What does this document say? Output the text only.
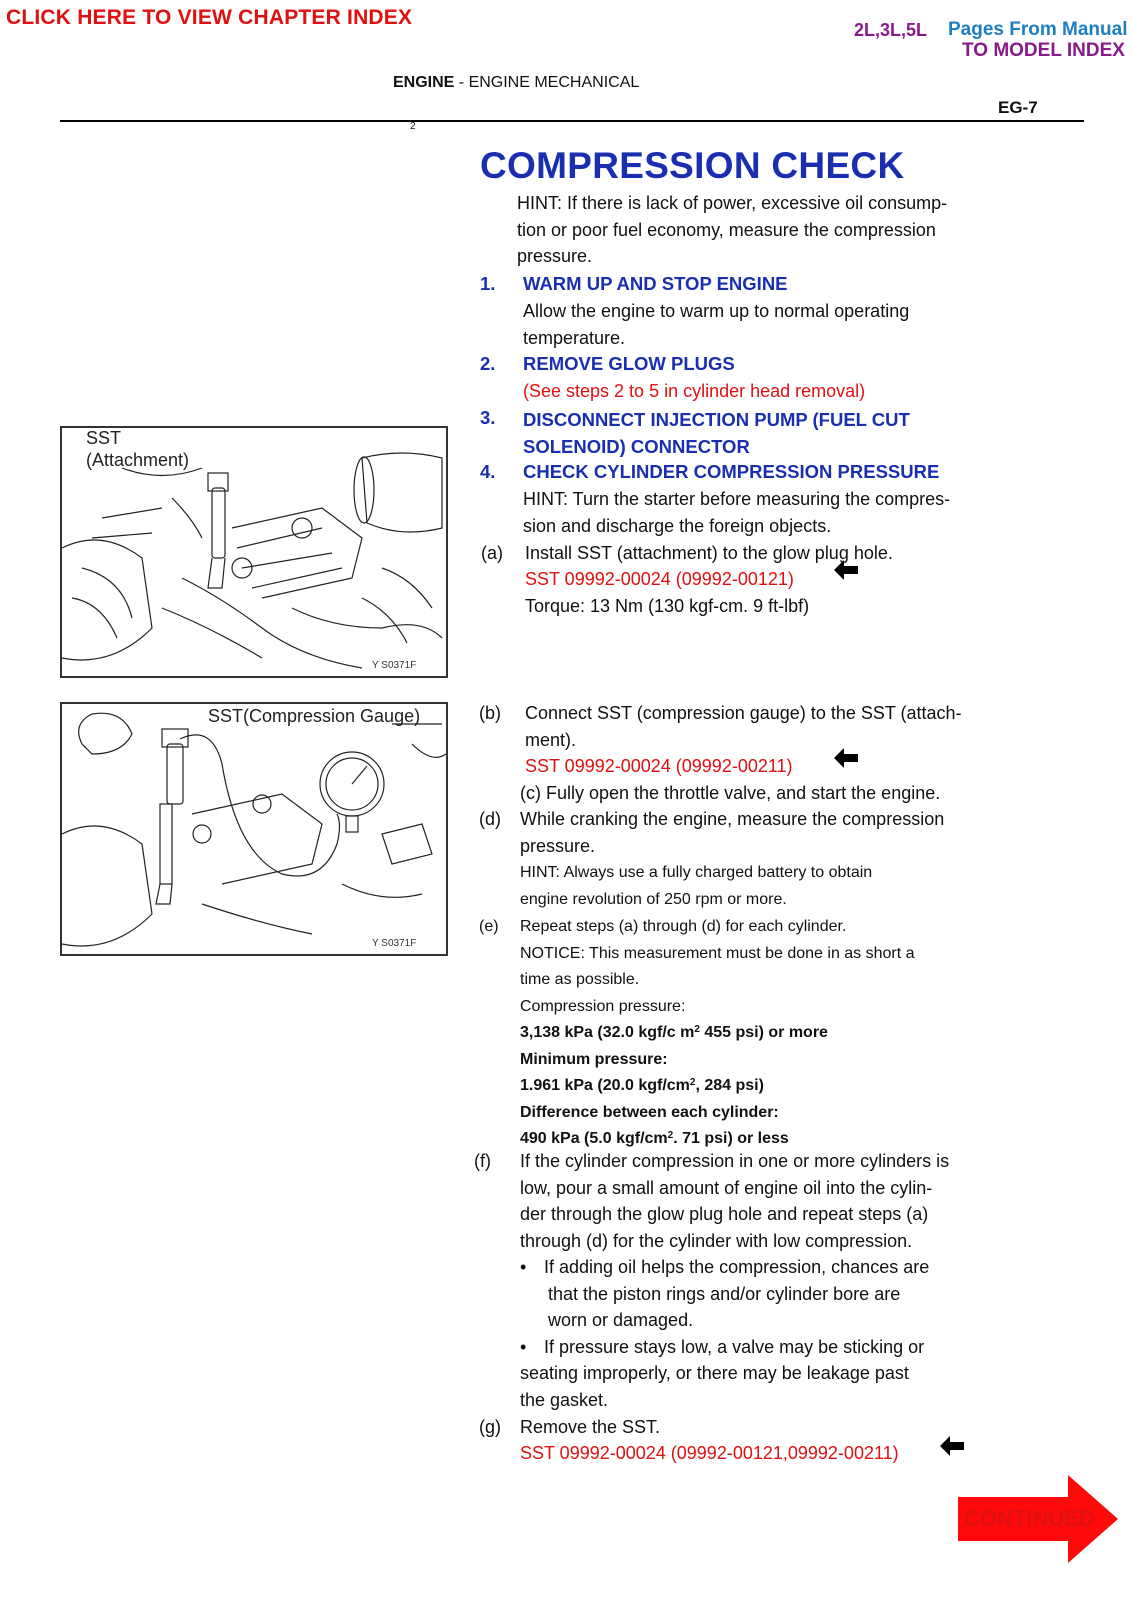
CLICK HERE TO VIEW CHAPTER INDEX
2L,3L,5L Pages From Manual
TO MODEL INDEX
ENGINE - ENGINE MECHANICAL
EG-7
2
COMPRESSION CHECK
HINT: If there is lack of power, excessive oil consump-
tion or poor fuel economy, measure the compression
pressure.
1. WARM UP AND STOP ENGINE
Allow the engine to warm up to normal operating
temperature.
2. REMOVE GLOW PLUGS
(See steps 2 to 5 in cylinder head removal)
3. DISCONNECT INJECTION PUMP (FUEL CUT
SOLENOID) CONNECTOR
4. CHECK CYLINDER COMPRESSION PRESSURE
HINT: Turn the starter before measuring the compres-
sion and discharge the foreign objects.
(a) Install SST (attachment) to the glow plug hole.
SST 09992-00024 (09992-00121)
Torque: 13 Nm (130 kgf-cm. 9 ft-lbf)
SST
(Attachment)
Y S0371F
SST(Compression Gauge)
Y S0371F
(b) Connect SST (compression gauge) to the SST (attach-
ment).
SST 09992-00024 (09992-00211)
(c) Fully open the throttle valve, and start the engine.
(d) While cranking the engine, measure the compression
pressure.
HINT: Always use a fully charged battery to obtain
engine revolution of 250 rpm or more.
(e) Repeat steps (a) through (d) for each cylinder.
NOTICE: This measurement must be done in as short a
time as possible.
Compression pressure:
3,138 kPa (32.0 kgf/c $m^2$ 455 psi) or more
Minimum pressure:
1.961 kPa (20.0 kgf/$cm^2$, 284 psi)
Difference between each cylinder:
490 kPa (5.0 kgf/$cm^2$. 71 psi) or less
(f) If the cylinder compression in one or more cylinders is
low, pour a small amount of engine oil into the cylin-
der through the glow plug hole and repeat steps (a)
through (d) for the cylinder with low compression.
• If adding oil helps the compression, chances are
that the piston rings and/or cylinder bore are
worn or damaged.
• If pressure stays low, a valve may be sticking or
seating improperly, or there may be leakage past
the gasket.
(g) Remove the SST.
SST 09992-00024 (09992-00121,09992-00211)
CONTINUED
